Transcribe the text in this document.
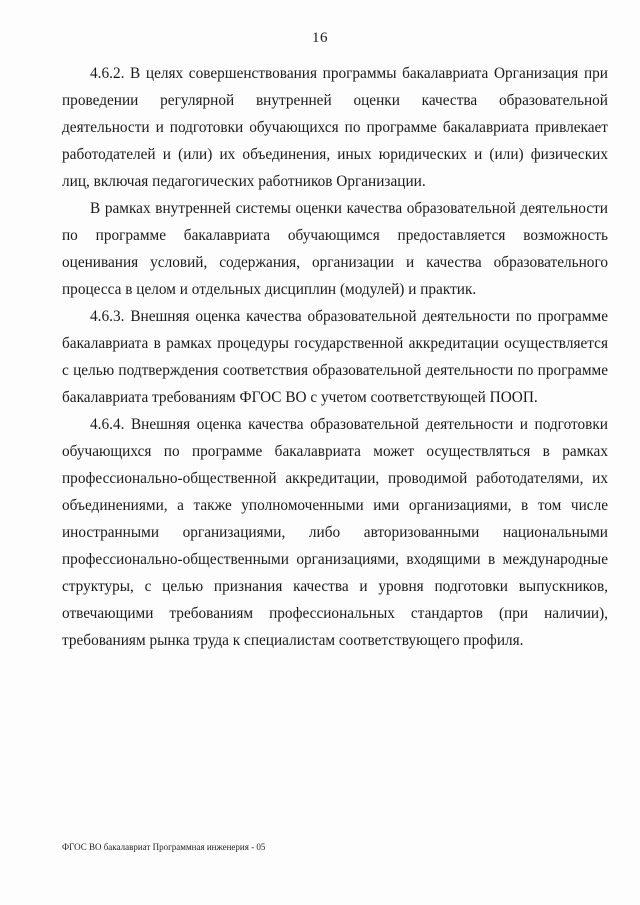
16

4.6.2. В целях совершенствования программы бакалавриата Организация при проведении регулярной внутренней оценки качества образовательной деятельности и подготовки обучающихся по программе бакалавриата привлекает работодателей и (или) их объединения, иных юридических и (или) физических лиц, включая педагогических работников Организации.

В рамках внутренней системы оценки качества образовательной деятельности по программе бакалавриата обучающимся предоставляется возможность оценивания условий, содержания, организации и качества образовательного процесса в целом и отдельных дисциплин (модулей) и практик.

4.6.3. Внешняя оценка качества образовательной деятельности по программе бакалавриата в рамках процедуры государственной аккредитации осуществляется с целью подтверждения соответствия образовательной деятельности по программе бакалавриата требованиям ФГОС ВО с учетом соответствующей ПООП.

4.6.4. Внешняя оценка качества образовательной деятельности и подготовки обучающихся по программе бакалавриата может осуществляться в рамках профессионально-общественной аккредитации, проводимой работодателями, их объединениями, а также уполномоченными ими организациями, в том числе иностранными организациями, либо авторизованными национальными профессионально-общественными организациями, входящими в международные структуры, с целью признания качества и уровня подготовки выпускников, отвечающими требованиям профессиональных стандартов (при наличии), требованиям рынка труда к специалистам соответствующего профиля.

ФГОС ВО бакалавриат Программная инженерия - 05
